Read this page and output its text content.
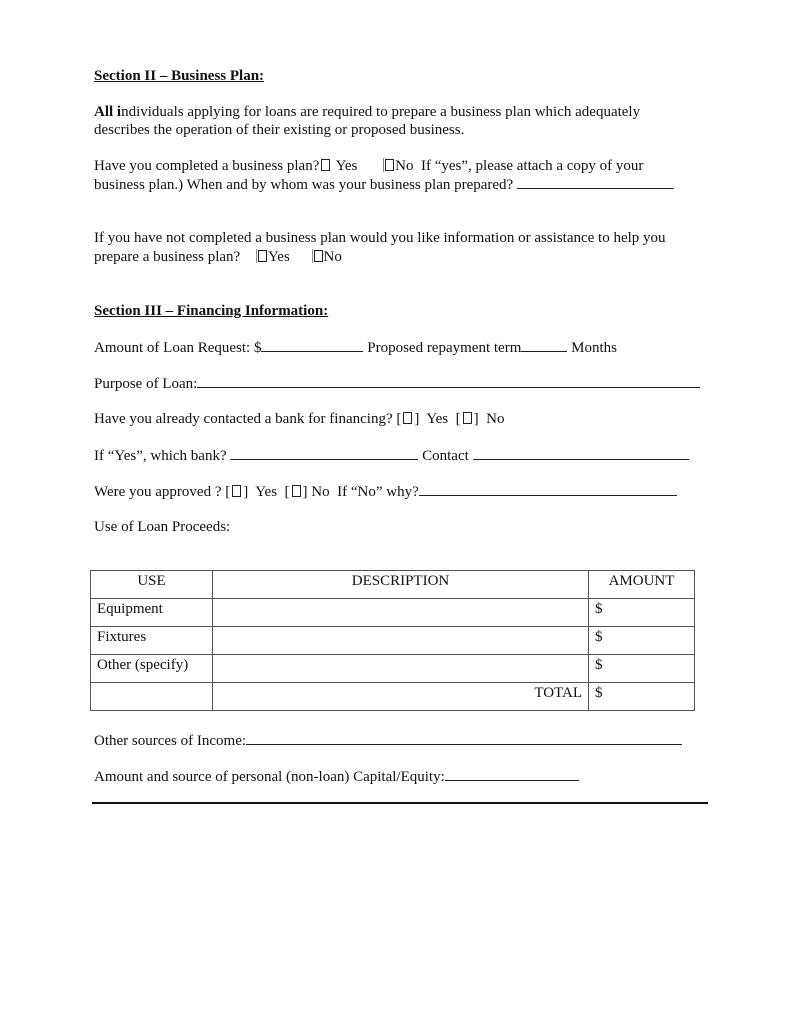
Section II – Business Plan:
All individuals applying for loans are required to prepare a business plan which adequately
describes the operation of their existing or proposed business.
Have you completed a business plan? Yes	No If “yes”, please attach a copy of your
business plan.) When and by whom was your business plan prepared?
If you have not completed a business plan would you like information or assistance to help you
prepare a business plan? Yes No
Section III – Financing Information:
Amount of Loan Request: $	Proposed repayment term	Months
Purpose of Loan:
Have you already contacted a bank for financing? [ ]  Yes  [ ]  No
If “Yes”, which bank?	Contact
Were you approved ? [ ]  Yes  [ ] No If “No” why?
Use of Loan Proceeds:
USE	DESCRIPTION	AMOUNT
Equipment		$
Fixtures		$
Other (specify)		$
	TOTAL	$
Other sources of Income:
Amount and source of personal (non-loan) Capital/Equity:
